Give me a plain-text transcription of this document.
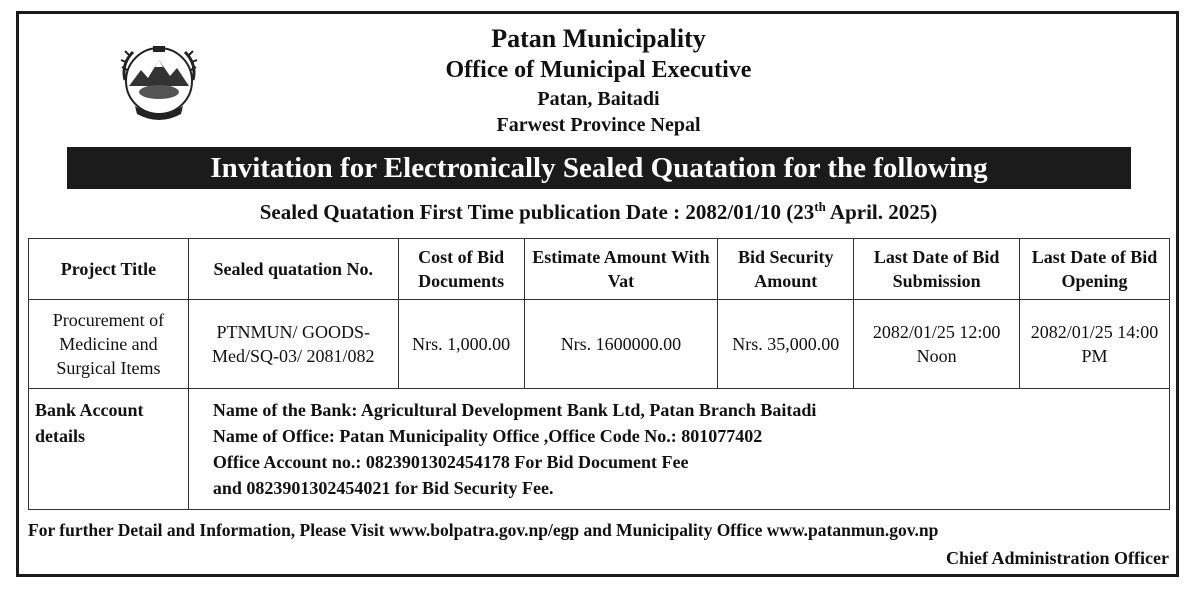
Patan Municipality
Office of Municipal Executive
Patan, Baitadi
Farwest Province Nepal
Invitation for Electronically Sealed Quatation for the following
Sealed Quatation First Time publication Date : 2082/01/10 (23th April. 2025)
Project Title	Sealed quatation No.	Cost of Bid Documents	Estimate Amount With Vat	Bid Security Amount	Last Date of Bid Submission	Last Date of Bid Opening
Procurement of Medicine and Surgical Items	PTNMUN/ GOODS-Med/SQ-03/ 2081/082	Nrs. 1,000.00	Nrs. 1600000.00	Nrs. 35,000.00	2082/01/25 12:00 Noon	2082/01/25 14:00 PM
Bank Account details	Name of the Bank: Agricultural Development Bank Ltd, Patan Branch Baitadi
Name of Office: Patan Municipality Office ,Office Code No.: 801077402
Office Account no.: 0823901302454178 For Bid Document Fee
and 0823901302454021 for Bid Security Fee.					
For further Detail and Information, Please Visit www.bolpatra.gov.np/egp and Municipality Office www.patanmun.gov.np
Chief Administration Officer
